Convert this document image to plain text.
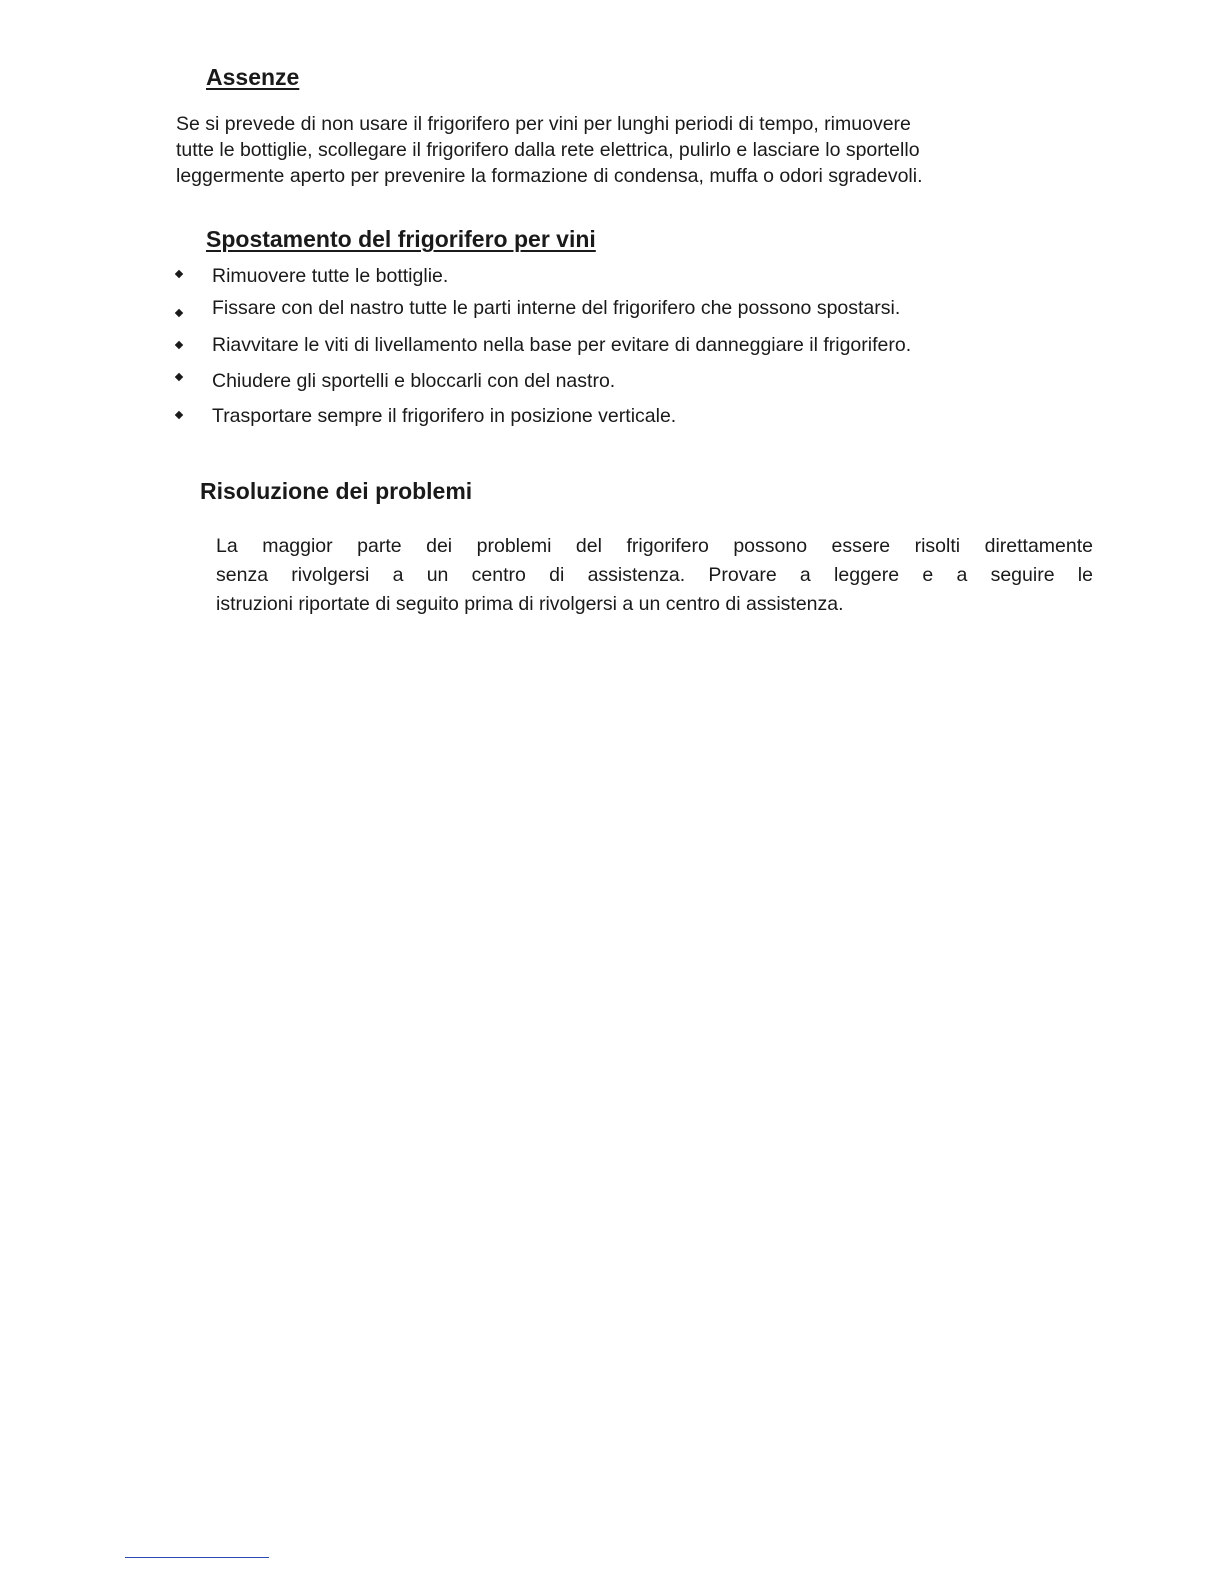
Assenze

Se si prevede di non usare il frigorifero per vini per lunghi periodi di tempo, rimuovere

tutte le bottiglie, scollegare il frigorifero dalla rete elettrica, pulirlo e lasciare lo sportello

leggermente aperto per prevenire la formazione di condensa, muffa o odori sgradevoli.

Spostamento del frigorifero per vini
Rimuovere tutte le bottiglie.
Fissare con del nastro tutte le parti interne del frigorifero che possono spostarsi.
Riavvitare le viti di livellamento nella base per evitare di danneggiare il frigorifero.
Chiudere gli sportelli e bloccarli con del nastro.
Trasportare sempre il frigorifero in posizione verticale.
Risoluzione dei problemi
La maggior parte dei problemi del frigorifero possono essere risolti direttamente
senza rivolgersi a un centro di assistenza. Provare a leggere e a seguire le
istruzioni riportate di seguito prima di rivolgersi a un centro di assistenza.
